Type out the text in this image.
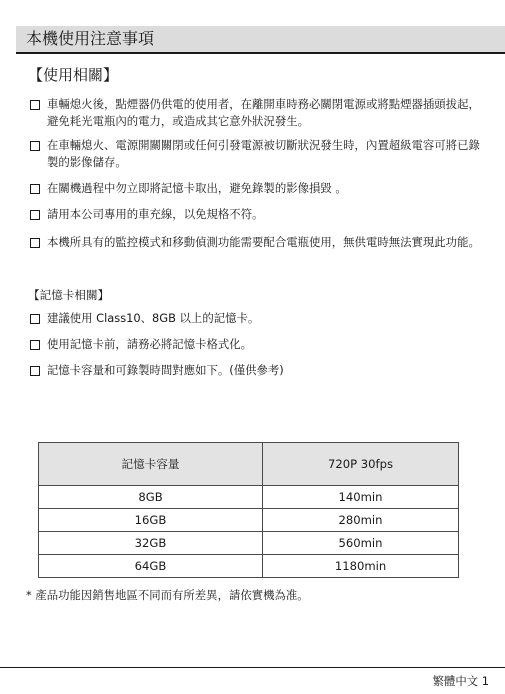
本機使用注意事項
【使用相關】
車輛熄火後，點煙器仍供電的使用者，在離開車時務必關閉電源或將點煙器插頭拔起，避免耗光電瓶內的電力，或造成其它意外狀況發生。
在車輛熄火、電源開關關閉或任何引發電源被切斷狀況發生時，內置超級電容可將已錄製的影像儲存。
在關機過程中勿立即將記憶卡取出，避免錄製的影像損毀 。
請用本公司專用的車充線，以免規格不符。
本機所具有的監控模式和移動偵測功能需要配合電瓶使用，無供電時無法實現此功能。
【記憶卡相關】
建議使用 Class10、8GB 以上的記憶卡。
使用記憶卡前，請務必將記憶卡格式化。
記憶卡容量和可錄製時間對應如下。(僅供參考)
記憶卡容量	720P 30fps
8GB	140min
16GB	280min
32GB	560min
64GB	1180min
* 產品功能因銷售地區不同而有所差異，請依實機為准。
繁體中文 1
